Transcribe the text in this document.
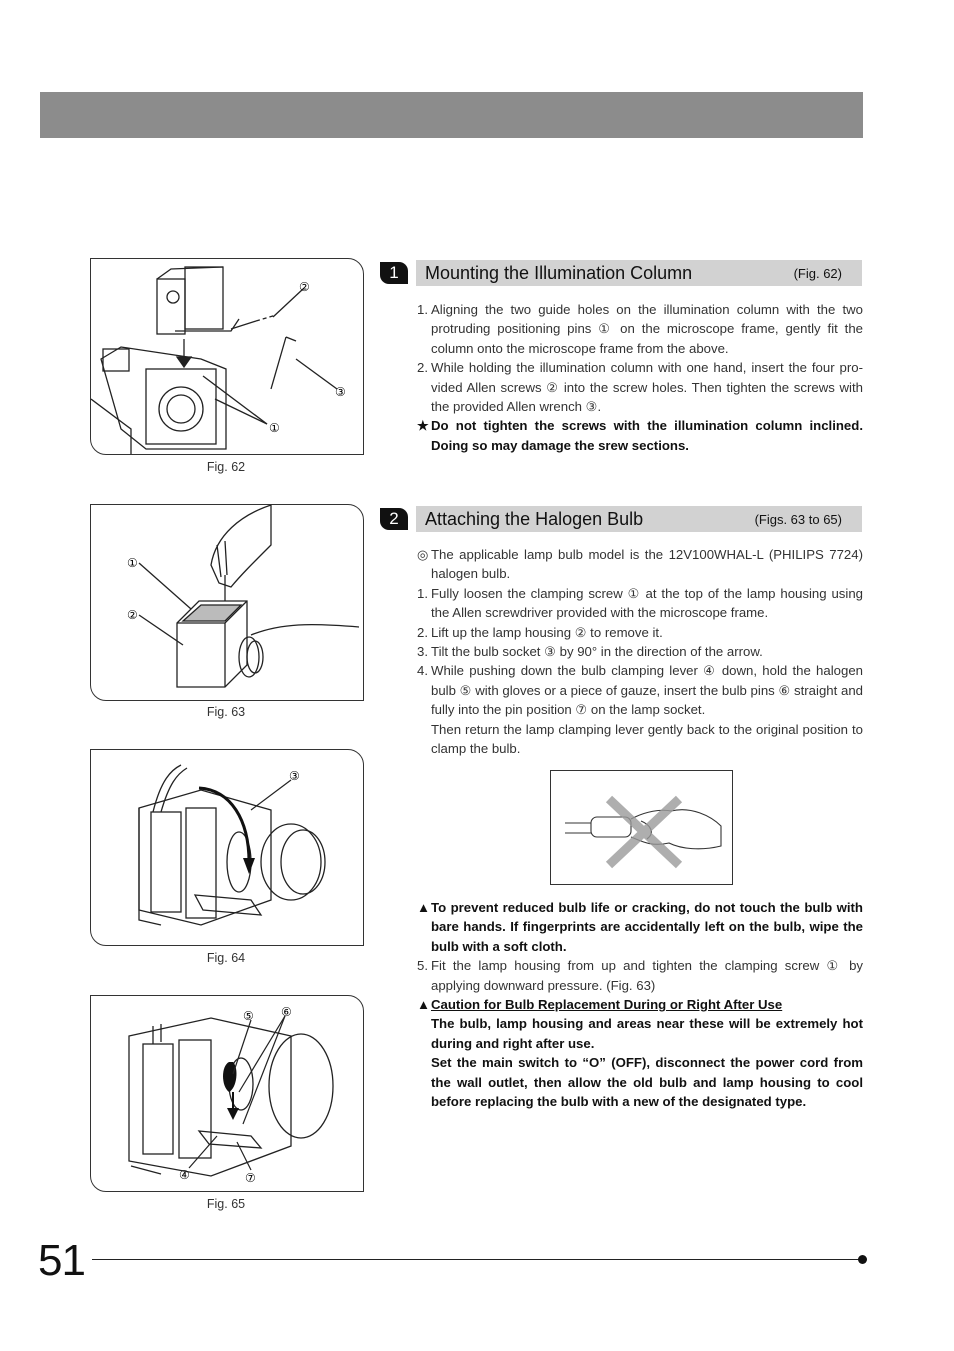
②
③
①
Fig. 62
①
②
Fig. 63
③
Fig. 64
⑤ ⑥
④	⑦
Fig. 65
1	Mounting the Illumination Column	(Fig. 62)
1. Aligning the two guide holes on the illumination column with the two protruding positioning pins ① on the microscope frame, gently fit the column onto the microscope frame from the above.
2. While holding the illumination column with one hand, insert the four pro-vided Allen screws ② into the screw holes. Then tighten the screws with the provided Allen wrench ③.
★ Do not tighten the screws with the illumination column inclined. Doing so may damage the srew sections.
2	Attaching the Halogen Bulb	(Figs. 63 to 65)
◎ The applicable lamp bulb model is the 12V100WHAL-L (PHILIPS 7724) halogen bulb.
1. Fully loosen the clamping screw ① at the top of the lamp housing using the Allen screwdriver provided with the microscope frame.
2. Lift up the lamp housing ② to remove it.
3. Tilt the bulb socket ③ by 90° in the direction of the arrow.
4. While pushing down the bulb clamping lever ④ down, hold the halogen bulb ⑤ with gloves or a piece of gauze, insert the bulb pins ⑥ straight and fully into the pin position ⑦ on the lamp socket.
Then return the lamp clamping lever gently back to the original position to clamp the bulb.
▲ To prevent reduced bulb life or cracking, do not touch the bulb with bare hands. If fingerprints are accidentally left on the bulb, wipe the bulb with a soft cloth.
5. Fit the lamp housing from up and tighten the clamping screw ① by applying downward pressure. (Fig. 63)
▲ Caution for Bulb Replacement During or Right After Use
The bulb, lamp housing and areas near these will be extremely hot during and right after use.
Set the main switch to “O” (OFF), disconnect the power cord from the wall outlet, then allow the old bulb and lamp housing to cool before replacing the bulb with a new of the designated type.
51
